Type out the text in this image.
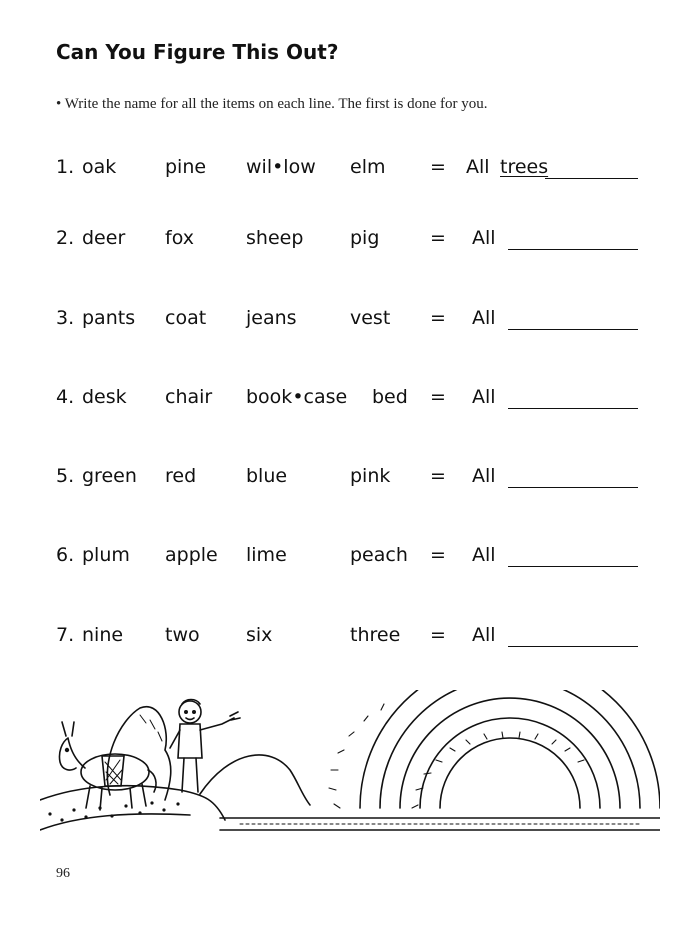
Can You Figure This Out?
• Write the name for all the items on each line. The first is done for you.
1. oak	pine wil•low elm = All trees
2. deer fox	sheep pig	= All
3. pants coat jeans	vest = All
4. desk chair book•case bed = All
5. green red	blue	pink = All
6. plum apple lime	peach = All
7. nine two six	three = All
96
